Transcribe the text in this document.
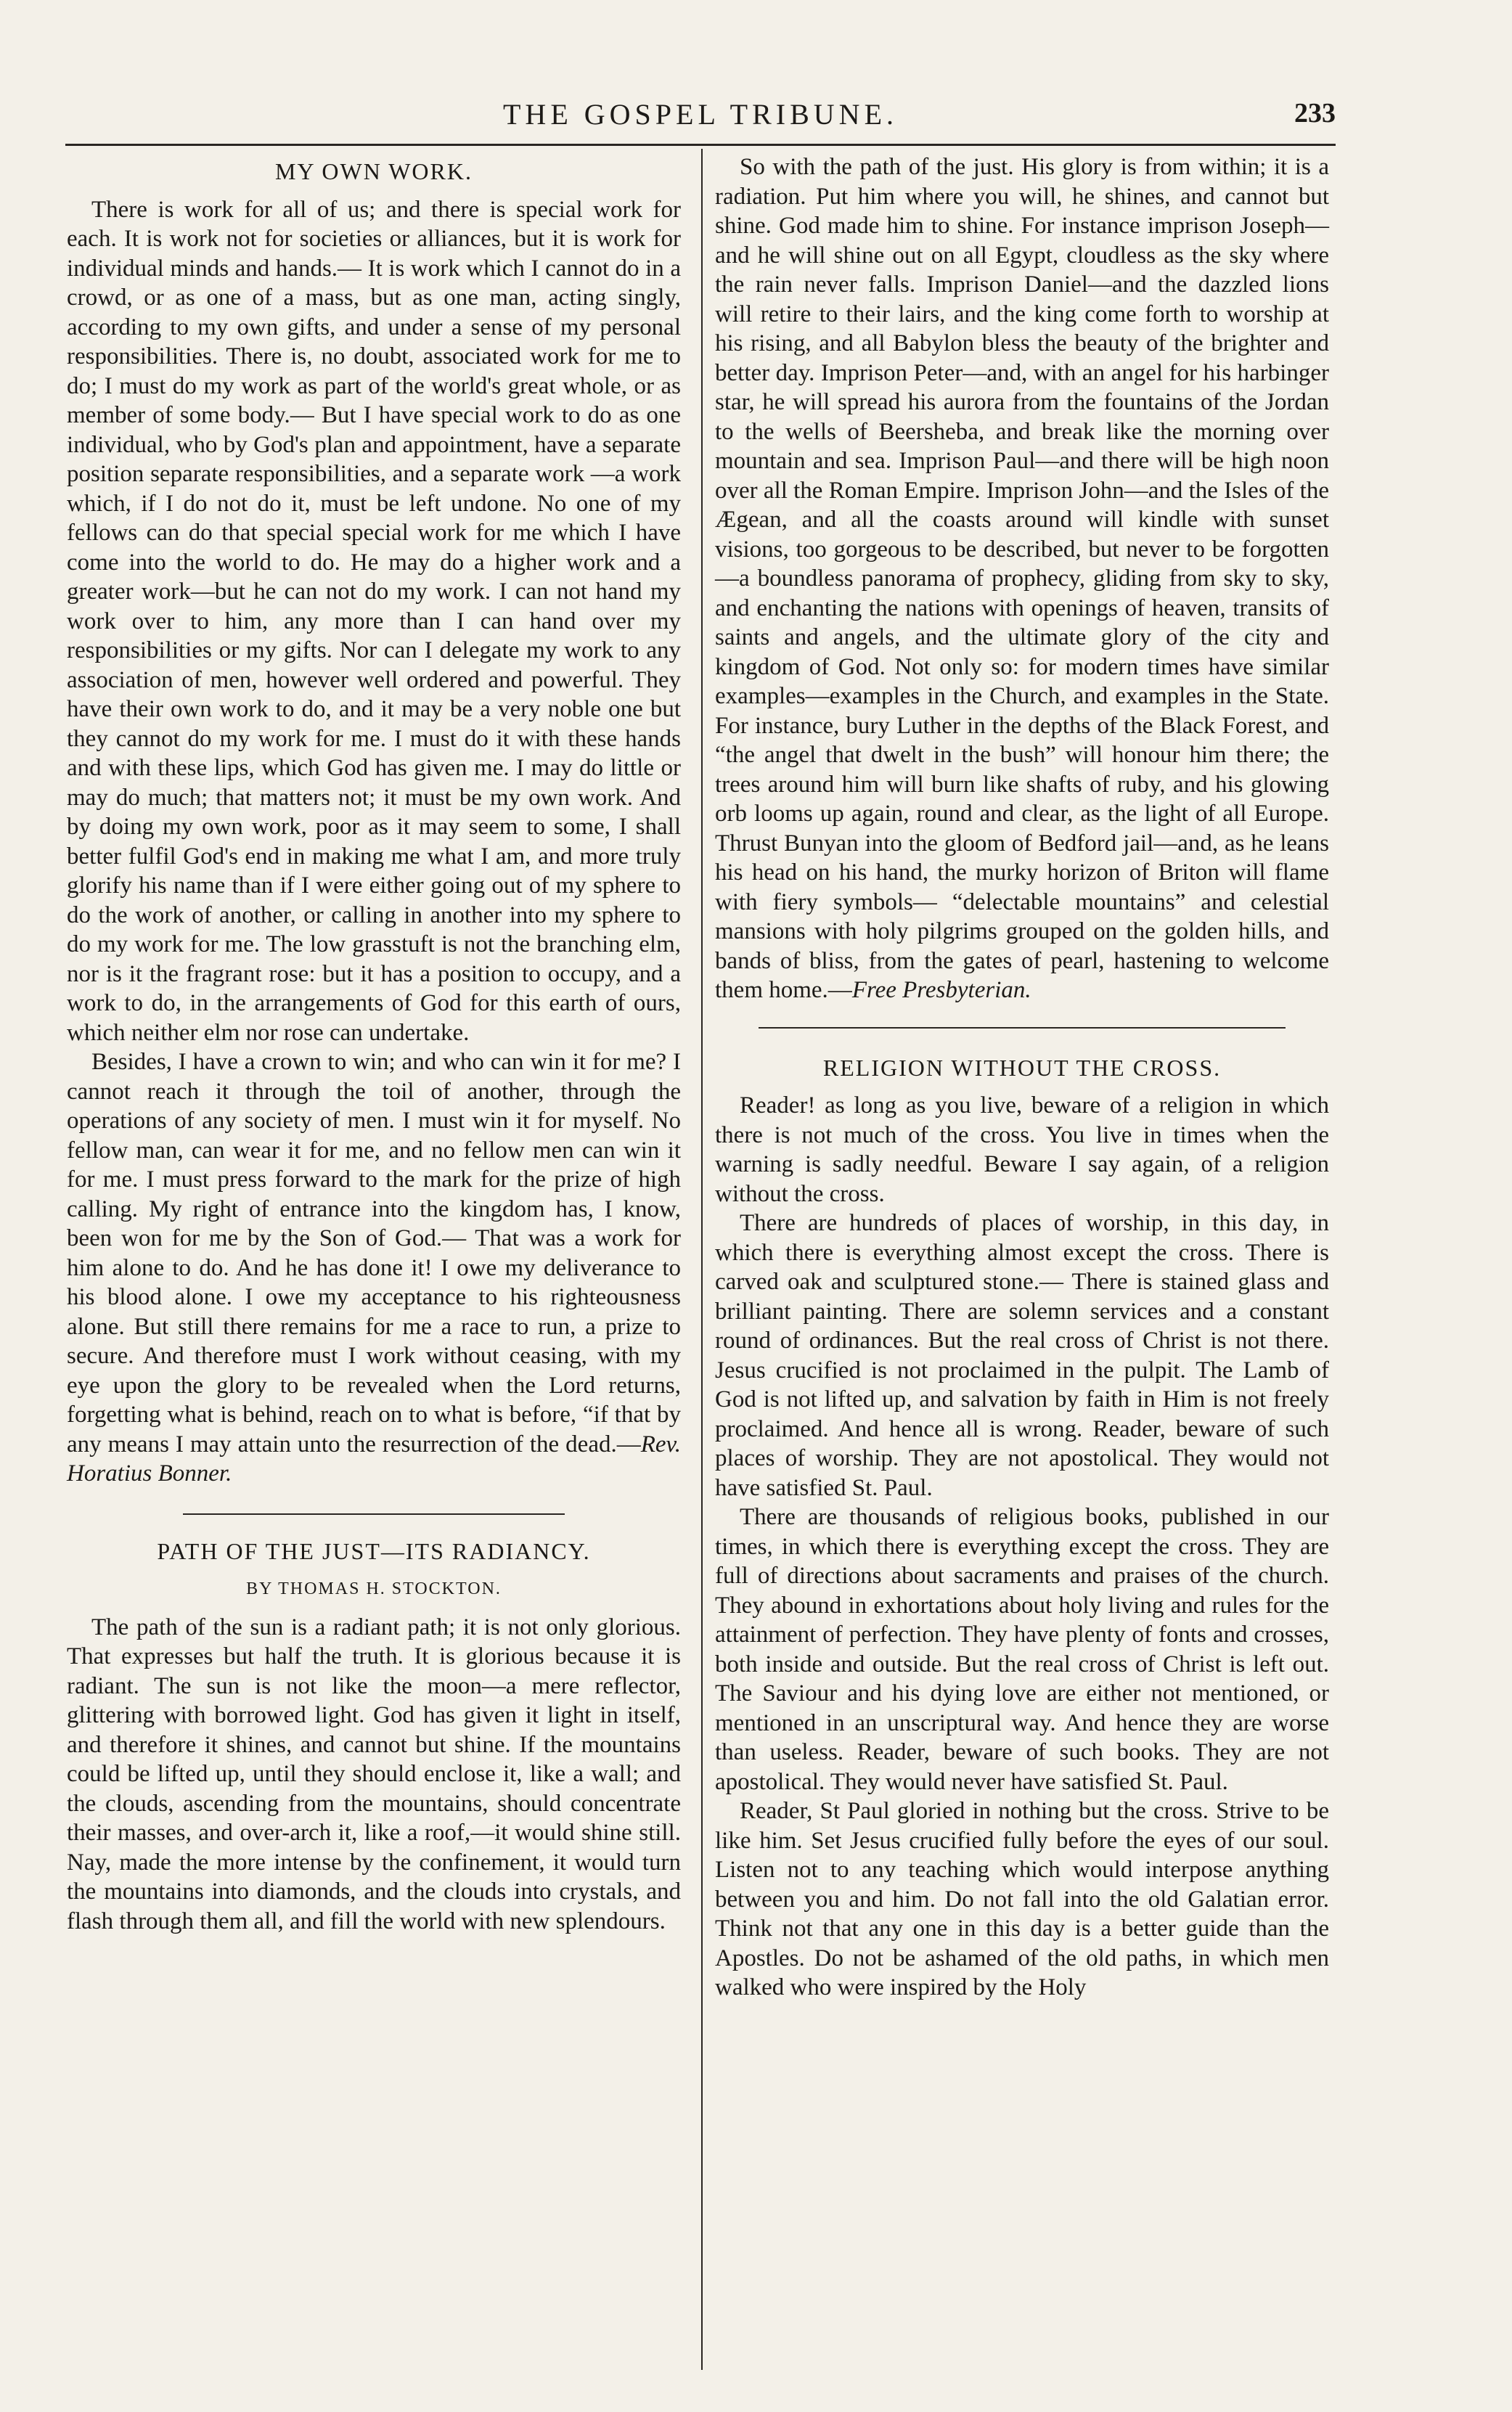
THE GOSPEL TRIBUNE.	233
MY OWN WORK.

There is work for all of us; and there is special work for each. It is work not for societies or alliances, but it is work for individual minds and hands.— It is work which I cannot do in a crowd, or as one of a mass, but as one man, acting singly, according to my own gifts, and under a sense of my personal responsibilities. There is, no doubt, associated work for me to do; I must do my work as part of the world's great whole, or as member of some body.— But I have special work to do as one individual, who by God's plan and appointment, have a separate position separate responsibilities, and a separate work —a work which, if I do not do it, must be left undone. No one of my fellows can do that special special work for me which I have come into the world to do. He may do a higher work and a greater work—but he can not do my work. I can not hand my work over to him, any more than I can hand over my responsibilities or my gifts. Nor can I delegate my work to any association of men, however well ordered and powerful. They have their own work to do, and it may be a very noble one but they cannot do my work for me. I must do it with these hands and with these lips, which God has given me. I may do little or may do much; that matters not; it must be my own work. And by doing my own work, poor as it may seem to some, I shall better fulfil God's end in making me what I am, and more truly glorify his name than if I were either going out of my sphere to do the work of another, or calling in another into my sphere to do my work for me. The low grasstuft is not the branching elm, nor is it the fragrant rose: but it has a position to occupy, and a work to do, in the arrangements of God for this earth of ours, which neither elm nor rose can undertake.

Besides, I have a crown to win; and who can win it for me? I cannot reach it through the toil of another, through the operations of any society of men. I must win it for myself. No fellow man, can wear it for me, and no fellow men can win it for me. I must press forward to the mark for the prize of high calling. My right of entrance into the kingdom has, I know, been won for me by the Son of God.— That was a work for him alone to do. And he has done it! I owe my deliverance to his blood alone. I owe my acceptance to his righteousness alone. But still there remains for me a race to run, a prize to secure. And therefore must I work without ceasing, with my eye upon the glory to be revealed when the Lord returns, forgetting what is behind, reach on to what is before, “if that by any means I may attain unto the resurrection of the dead.—Rev. Horatius Bonner.

PATH OF THE JUST—ITS RADIANCY.
BY THOMAS H. STOCKTON.

The path of the sun is a radiant path; it is not only glorious. That expresses but half the truth. It is glorious because it is radiant. The sun is not like the moon—a mere reflector, glittering with borrowed light. God has given it light in itself, and therefore it shines, and cannot but shine. If the mountains could be lifted up, until they should enclose it, like a wall; and the clouds, ascending from the mountains, should concentrate their masses, and over-arch it, like a roof,—it would shine still. Nay, made the more intense by the confinement, it would turn the mountains into diamonds, and the clouds into crystals, and flash through them all, and fill the world with new splendours.

So with the path of the just. His glory is from within; it is a radiation. Put him where you will, he shines, and cannot but shine. God made him to shine. For instance imprison Joseph—and he will shine out on all Egypt, cloudless as the sky where the rain never falls. Imprison Daniel—and the dazzled lions will retire to their lairs, and the king come forth to worship at his rising, and all Babylon bless the beauty of the brighter and better day. Imprison Peter—and, with an angel for his harbinger star, he will spread his aurora from the fountains of the Jordan to the wells of Beersheba, and break like the morning over mountain and sea. Imprison Paul—and there will be high noon over all the Roman Empire. Imprison John—and the Isles of the Ægean, and all the coasts around will kindle with sunset visions, too gorgeous to be described, but never to be forgotten—a boundless panorama of prophecy, gliding from sky to sky, and enchanting the nations with openings of heaven, transits of saints and angels, and the ultimate glory of the city and kingdom of God. Not only so: for modern times have similar examples—examples in the Church, and examples in the State. For instance, bury Luther in the depths of the Black Forest, and “the angel that dwelt in the bush” will honour him there; the trees around him will burn like shafts of ruby, and his glowing orb looms up again, round and clear, as the light of all Europe. Thrust Bunyan into the gloom of Bedford jail—and, as he leans his head on his hand, the murky horizon of Briton will flame with fiery symbols— “delectable mountains” and celestial mansions with holy pilgrims grouped on the golden hills, and bands of bliss, from the gates of pearl, hastening to welcome them home.—Free Presbyterian.

RELIGION WITHOUT THE CROSS.

Reader! as long as you live, beware of a religion in which there is not much of the cross. You live in times when the warning is sadly needful. Beware I say again, of a religion without the cross.

There are hundreds of places of worship, in this day, in which there is everything almost except the cross. There is carved oak and sculptured stone.— There is stained glass and brilliant painting. There are solemn services and a constant round of ordinances. But the real cross of Christ is not there. Jesus crucified is not proclaimed in the pulpit. The Lamb of God is not lifted up, and salvation by faith in Him is not freely proclaimed. And hence all is wrong. Reader, beware of such places of worship. They are not apostolical. They would not have satisfied St. Paul.

There are thousands of religious books, published in our times, in which there is everything except the cross. They are full of directions about sacraments and praises of the church. They abound in exhortations about holy living and rules for the attainment of perfection. They have plenty of fonts and crosses, both inside and outside. But the real cross of Christ is left out. The Saviour and his dying love are either not mentioned, or mentioned in an unscriptural way. And hence they are worse than useless. Reader, beware of such books. They are not apostolical. They would never have satisfied St. Paul.

Reader, St Paul gloried in nothing but the cross. Strive to be like him. Set Jesus crucified fully before the eyes of our soul. Listen not to any teaching which would interpose anything between you and him. Do not fall into the old Galatian error. Think not that any one in this day is a better guide than the Apostles. Do not be ashamed of the old paths, in which men walked who were inspired by the Holy
